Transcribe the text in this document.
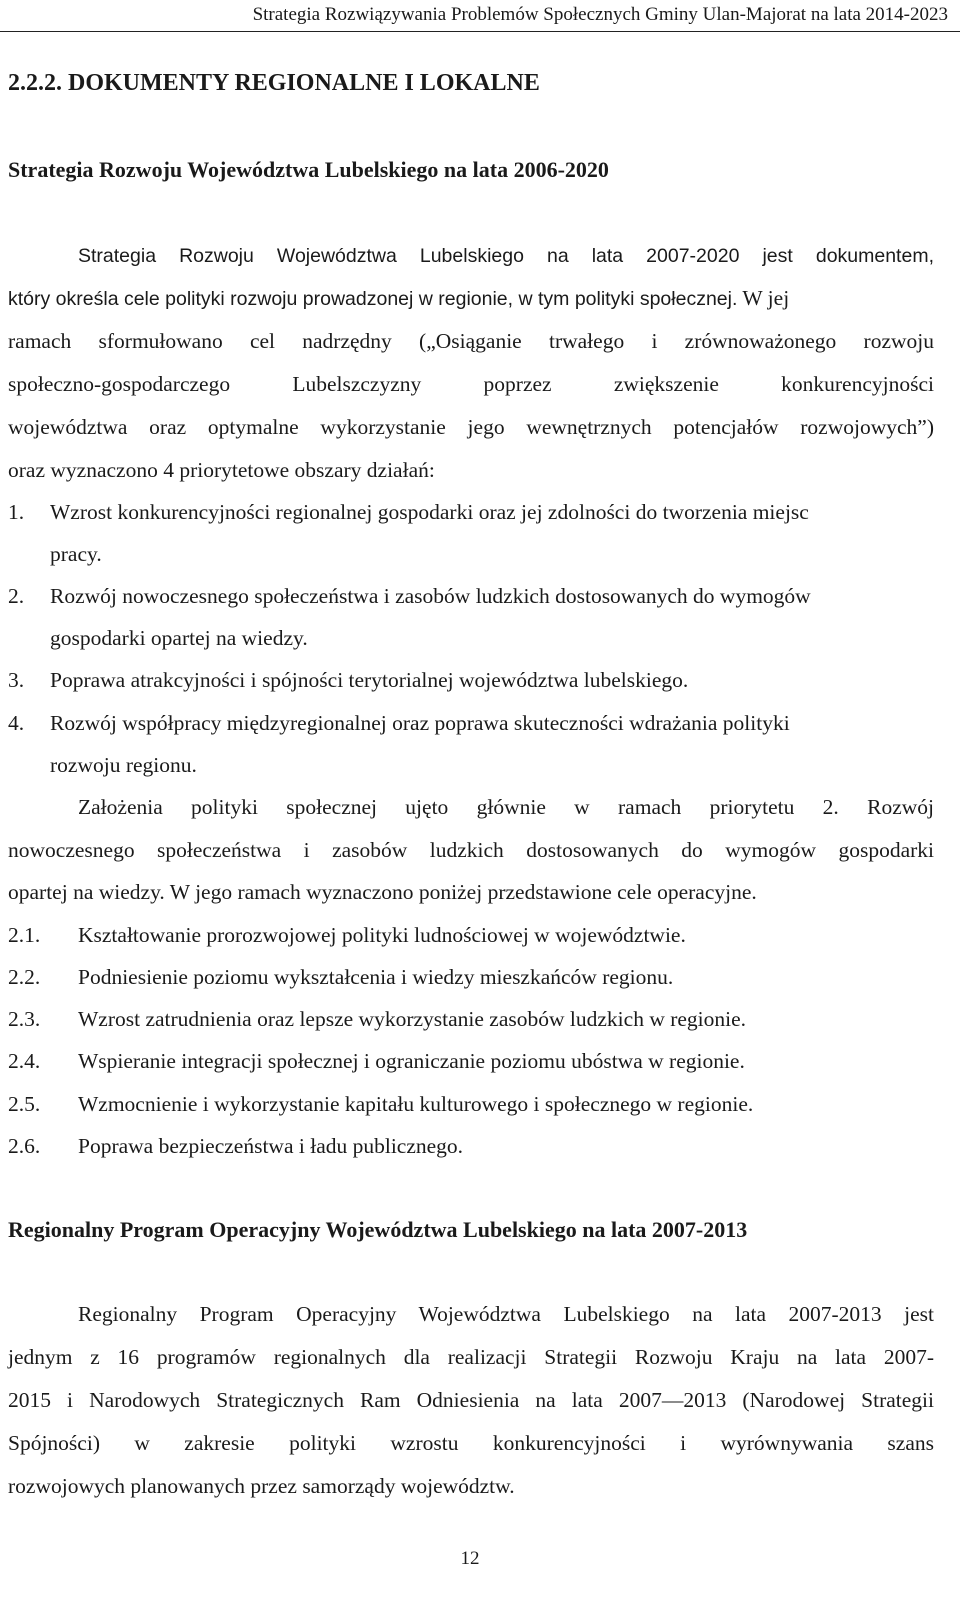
Strategia Rozwiązywania Problemów Społecznych Gminy Ulan-Majorat na lata 2014-2023
2.2.2. DOKUMENTY REGIONALNE I LOKALNE
Strategia Rozwoju Województwa Lubelskiego na lata 2006-2020
Strategia Rozwoju Województwa Lubelskiego na lata 2007-2020 jest dokumentem,
który określa cele polityki rozwoju prowadzonej w regionie, w tym polityki społecznej. W jej
ramach sformułowano cel nadrzędny („Osiąganie trwałego i zrównoważonego rozwoju
społeczno-gospodarczego Lubelszczyzny poprzez zwiększenie konkurencyjności
województwa oraz optymalne wykorzystanie jego wewnętrznych potencjałów rozwojowych”)
oraz wyznaczono 4 priorytetowe obszary działań:
1. Wzrost konkurencyjności regionalnej gospodarki oraz jej zdolności do tworzenia miejsc
pracy.
2. Rozwój nowoczesnego społeczeństwa i zasobów ludzkich dostosowanych do wymogów
gospodarki opartej na wiedzy.
3. Poprawa atrakcyjności i spójności terytorialnej województwa lubelskiego.
4. Rozwój współpracy międzyregionalnej oraz poprawa skuteczności wdrażania polityki
rozwoju regionu.
Założenia polityki społecznej ujęto głównie w ramach priorytetu 2. Rozwój
nowoczesnego społeczeństwa i zasobów ludzkich dostosowanych do wymogów gospodarki
opartej na wiedzy. W jego ramach wyznaczono poniżej przedstawione cele operacyjne.
2.1. Kształtowanie prorozwojowej polityki ludnościowej w województwie.
2.2. Podniesienie poziomu wykształcenia i wiedzy mieszkańców regionu.
2.3. Wzrost zatrudnienia oraz lepsze wykorzystanie zasobów ludzkich w regionie.
2.4. Wspieranie integracji społecznej i ograniczanie poziomu ubóstwa w regionie.
2.5. Wzmocnienie i wykorzystanie kapitału kulturowego i społecznego w regionie.
2.6. Poprawa bezpieczeństwa i ładu publicznego.
Regionalny Program Operacyjny Województwa Lubelskiego na lata 2007-2013
Regionalny Program Operacyjny Województwa Lubelskiego na lata 2007-2013 jest
jednym z 16 programów regionalnych dla realizacji Strategii Rozwoju Kraju na lata 2007-
2015 i Narodowych Strategicznych Ram Odniesienia na lata 2007—2013 (Narodowej Strategii
Spójności) w zakresie polityki wzrostu konkurencyjności i wyrównywania szans
rozwojowych planowanych przez samorządy województw.
12
